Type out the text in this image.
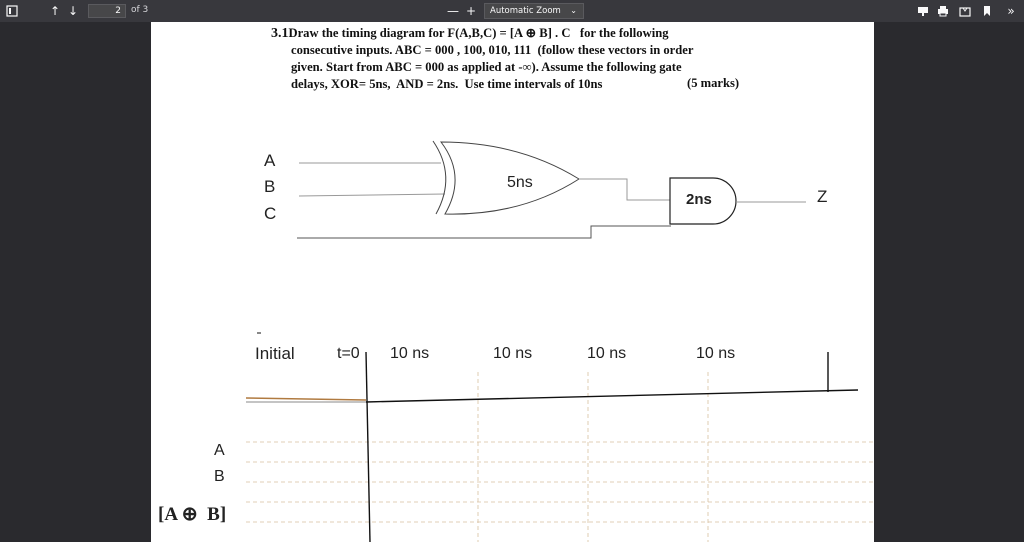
↑ ↓	2	of 3	— +	Automatic Zoom ⌄	»
3.1Draw the timing diagram for F(A,B,C) = [A ⊕ B] . C   for the following
consecutive inputs. ABC = 000 , 100, 010, 111  (follow these vectors in order
given. Start from ABC = 000 as applied at -∞). Assume the following gate
delays, XOR= 5ns,  AND = 2ns.  Use time intervals of 10ns	(5 marks)
A
B
C
5ns
2ns	Z
Initial	t=0 10 ns	10 ns	10 ns	10 ns
A
B
[A ⊕  B]
